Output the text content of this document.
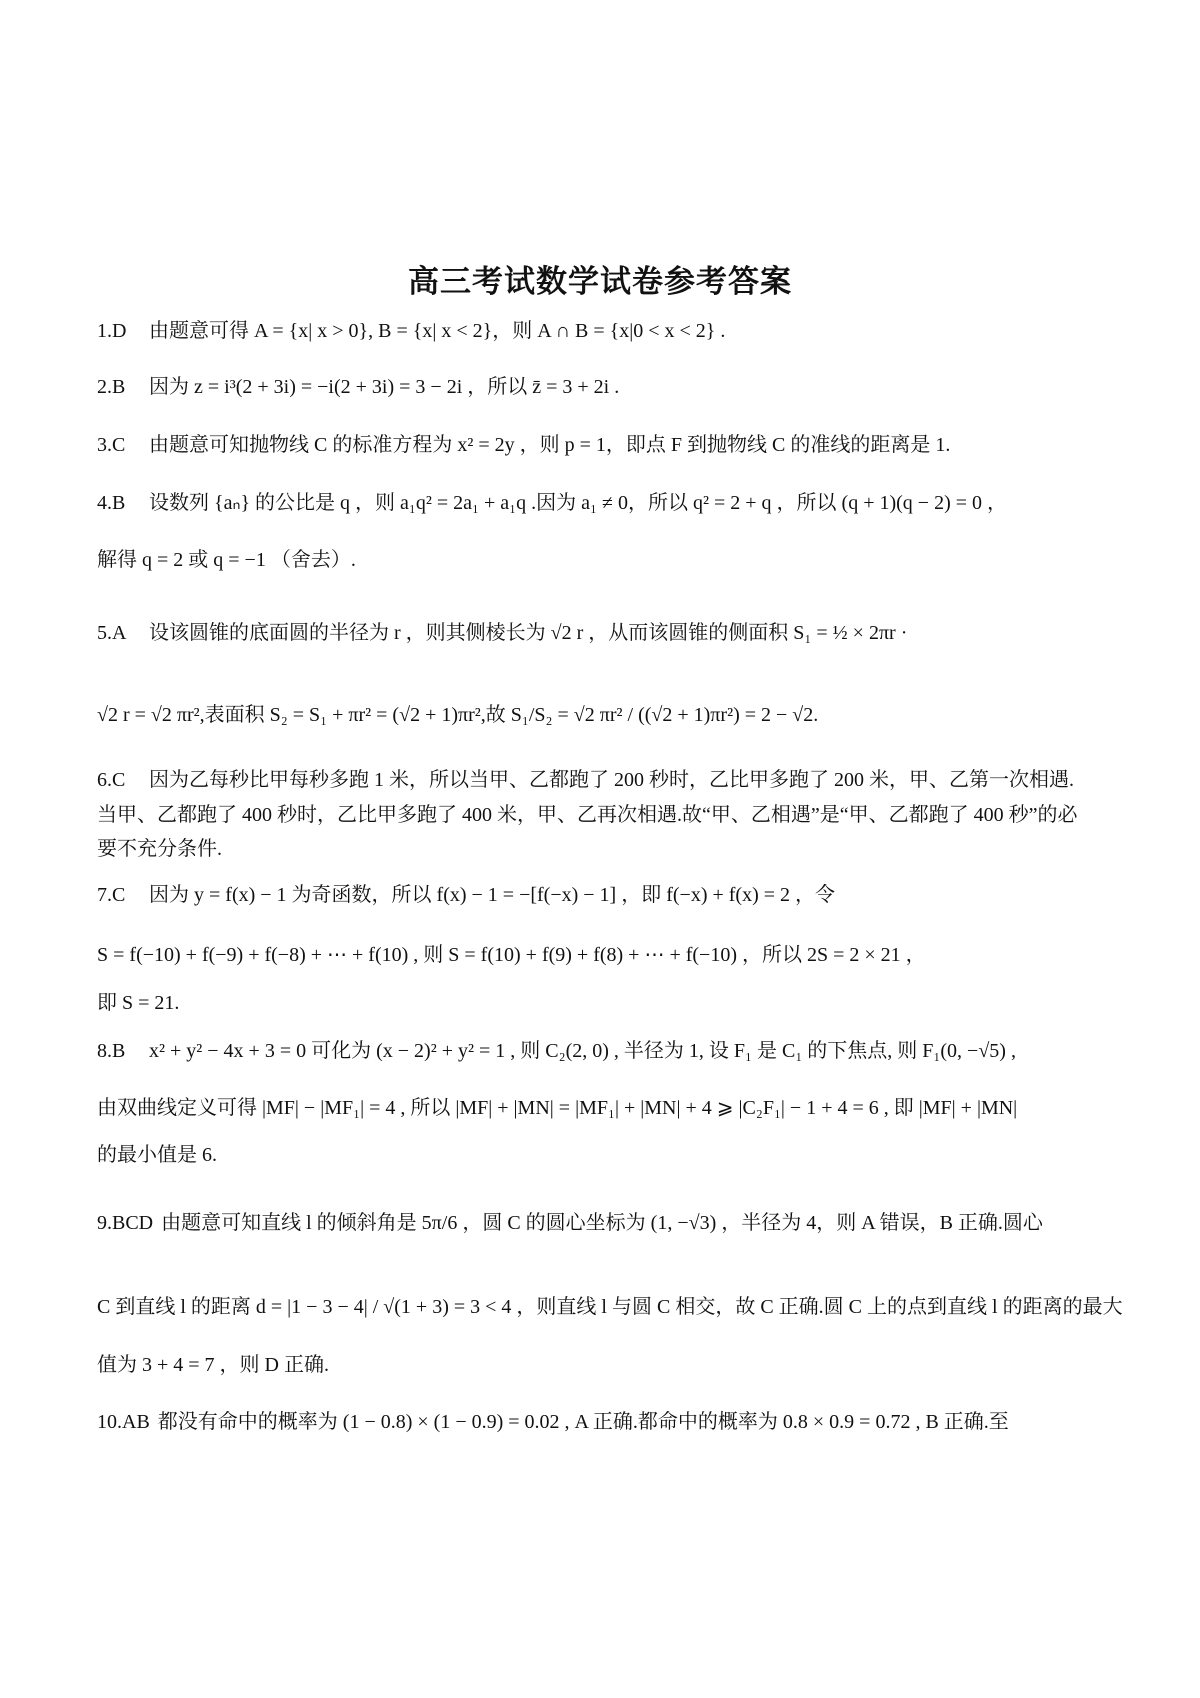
高三考试数学试卷参考答案
1.D 由题意可得 A = {x| x > 0}, B = {x| x < 2}，则 A ∩ B = {x|0 < x < 2} .
2.B 因为 z = i³(2 + 3i) = −i(2 + 3i) = 3 − 2i ，所以 z̄ = 3 + 2i .
3.C 由题意可知抛物线 C 的标准方程为 x² = 2y ，则 p = 1，即点 F 到抛物线 C 的准线的距离是 1.
4.B 设数列 {aₙ} 的公比是 q ，则 a₁q² = 2a₁ + a₁q .因为 a₁ ≠ 0，所以 q² = 2 + q ，所以 (q + 1)(q − 2) = 0 ，
解得 q = 2 或 q = −1 （舍去）.
5.A 设该圆锥的底面圆的半径为 r ，则其侧棱长为 √2 r ，从而该圆锥的侧面积 S₁ = ½ × 2πr ·
√2 r = √2 πr²,表面积 S₂ = S₁ + πr² = (√2 + 1)πr²,故 S₁/S₂ = √2 πr² / ((√2 + 1)πr²) = 2 − √2.
6.C 因为乙每秒比甲每秒多跑 1 米，所以当甲、乙都跑了 200 秒时，乙比甲多跑了 200 米，甲、乙第一次相遇.
当甲、乙都跑了 400 秒时，乙比甲多跑了 400 米，甲、乙再次相遇.故“甲、乙相遇”是“甲、乙都跑了 400 秒”的必
要不充分条件.
7.C 因为 y = f(x) − 1 为奇函数，所以 f(x) − 1 = −[f(−x) − 1] ，即 f(−x) + f(x) = 2 ，令
S = f(−10) + f(−9) + f(−8) + ⋯ + f(10) , 则 S = f(10) + f(9) + f(8) + ⋯ + f(−10) ，所以 2S = 2 × 21 ，
即 S = 21.
8.B x² + y² − 4x + 3 = 0 可化为 (x − 2)² + y² = 1 , 则 C₂(2, 0) , 半径为 1, 设 F₁ 是 C₁ 的下焦点, 则 F₁(0, −√5) ,
由双曲线定义可得 |MF| − |MF₁| = 4 , 所以 |MF| + |MN| = |MF₁| + |MN| + 4 ⩾ |C₂F₁| − 1 + 4 = 6 , 即 |MF| + |MN|
的最小值是 6.
9.BCD 由题意可知直线 l 的倾斜角是 5π/6 ，圆 C 的圆心坐标为 (1, −√3) ，半径为 4，则 A 错误，B 正确.圆心
C 到直线 l 的距离 d = |1 − 3 − 4| / √(1 + 3) = 3 < 4 ，则直线 l 与圆 C 相交，故 C 正确.圆 C 上的点到直线 l 的距离的最大
值为 3 + 4 = 7 ，则 D 正确.
10.AB 都没有命中的概率为 (1 − 0.8) × (1 − 0.9) = 0.02 , A 正确.都命中的概率为 0.8 × 0.9 = 0.72 , B 正确.至
